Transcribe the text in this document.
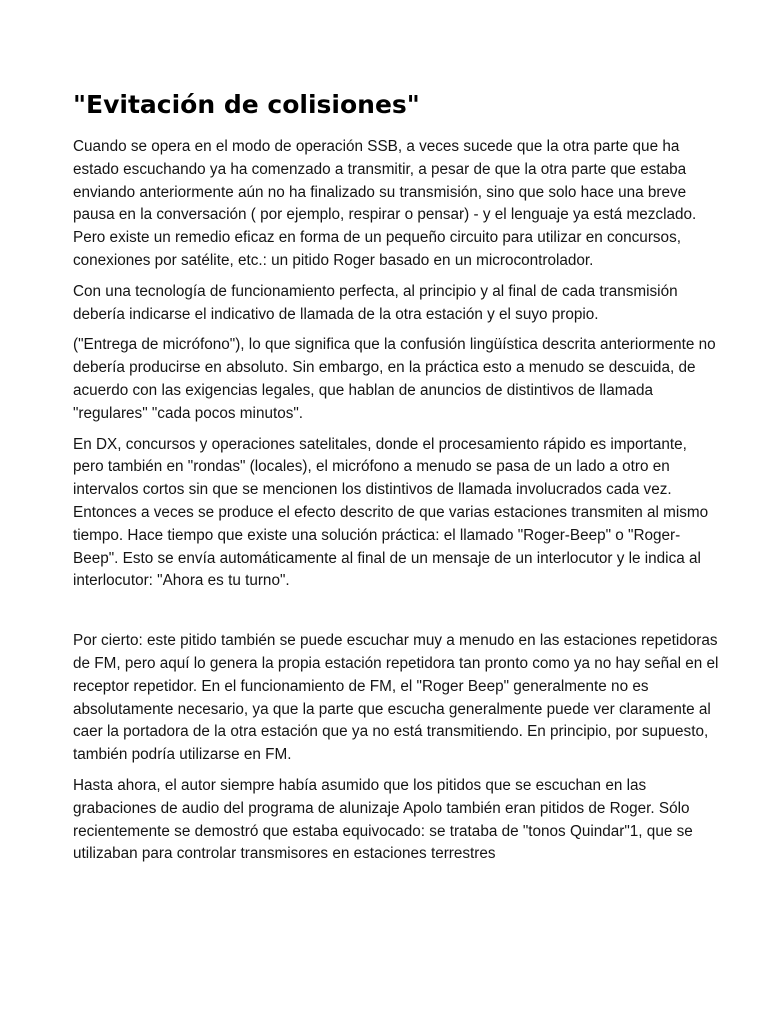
"Evitación de colisiones"

Cuando se opera en el modo de operación SSB, a veces sucede que la otra parte que ha estado escuchando ya ha comenzado a transmitir, a pesar de que la otra parte que estaba enviando anteriormente aún no ha finalizado su transmisión, sino que solo hace una breve pausa en la conversación ( por ejemplo, respirar o pensar) - y el lenguaje ya está mezclado. Pero existe un remedio eficaz en forma de un pequeño circuito para utilizar en concursos, conexiones por satélite, etc.: un pitido Roger basado en un microcontrolador.

Con una tecnología de funcionamiento perfecta, al principio y al final de cada transmisión debería indicarse el indicativo de llamada de la otra estación y el suyo propio.

("Entrega de micrófono"), lo que significa que la confusión lingüística descrita anteriormente no debería producirse en absoluto. Sin embargo, en la práctica esto a menudo se descuida, de acuerdo con las exigencias legales, que hablan de anuncios de distintivos de llamada "regulares" "cada pocos minutos".

En DX, concursos y operaciones satelitales, donde el procesamiento rápido es importante, pero también en "rondas" (locales), el micrófono a menudo se pasa de un lado a otro en intervalos cortos sin que se mencionen los distintivos de llamada involucrados cada vez. Entonces a veces se produce el efecto descrito de que varias estaciones transmiten al mismo tiempo. Hace tiempo que existe una solución práctica: el llamado "Roger-Beep" o "Roger-Beep". Esto se envía automáticamente al final de un mensaje de un interlocutor y le indica al interlocutor: "Ahora es tu turno".

Por cierto: este pitido también se puede escuchar muy a menudo en las estaciones repetidoras de FM, pero aquí lo genera la propia estación repetidora tan pronto como ya no hay señal en el receptor repetidor. En el funcionamiento de FM, el "Roger Beep" generalmente no es absolutamente necesario, ya que la parte que escucha generalmente puede ver claramente al caer la portadora de la otra estación que ya no está transmitiendo. En principio, por supuesto, también podría utilizarse en FM.

Hasta ahora, el autor siempre había asumido que los pitidos que se escuchan en las grabaciones de audio del programa de alunizaje Apolo también eran pitidos de Roger. Sólo recientemente se demostró que estaba equivocado: se trataba de "tonos Quindar"1, que se utilizaban para controlar transmisores en estaciones terrestres
